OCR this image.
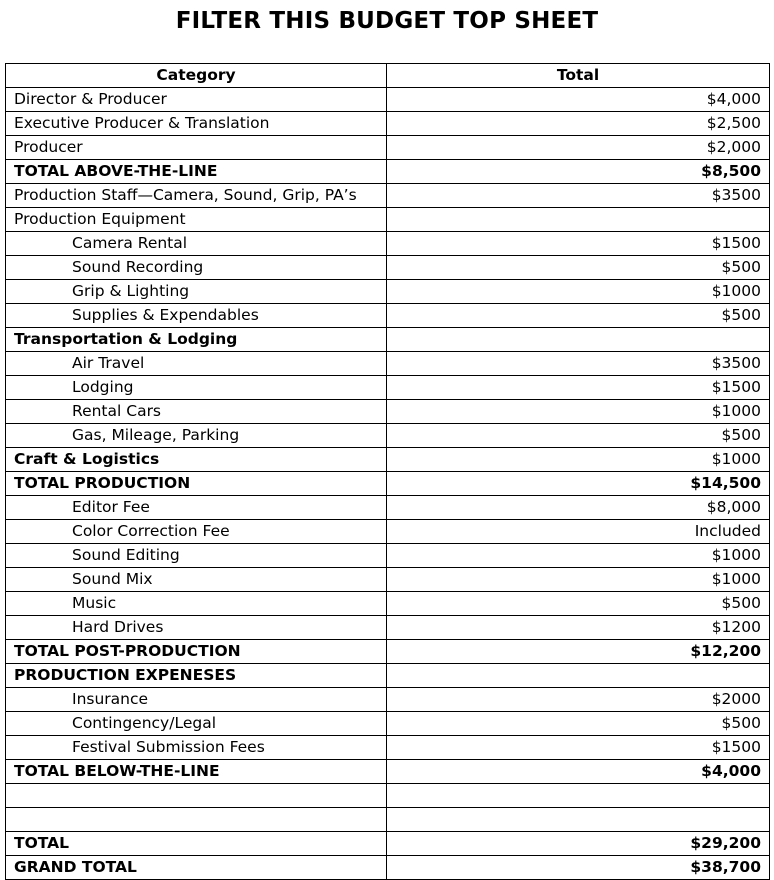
FILTER THIS BUDGET TOP SHEET
Category	Total
Director & Producer	$4,000
Executive Producer & Translation	$2,500
Producer	$2,000
TOTAL ABOVE-THE-LINE	$8,500
Production Staff—Camera, Sound, Grip, PA’s	$3500
Production Equipment	
Camera Rental	$1500
Sound Recording	$500
Grip & Lighting	$1000
Supplies & Expendables	$500
Transportation & Lodging	
Air Travel	$3500
Lodging	$1500
Rental Cars	$1000
Gas, Mileage, Parking	$500
Craft & Logistics	$1000
TOTAL PRODUCTION	$14,500
Editor Fee	$8,000
Color Correction Fee	Included
Sound Editing	$1000
Sound Mix	$1000
Music	$500
Hard Drives	$1200
TOTAL POST-PRODUCTION	$12,200
PRODUCTION EXPENESES	
Insurance	$2000
Contingency/Legal	$500
Festival Submission Fees	$1500
TOTAL BELOW-THE-LINE	$4,000

TOTAL	$29,200
GRAND TOTAL	$38,700
